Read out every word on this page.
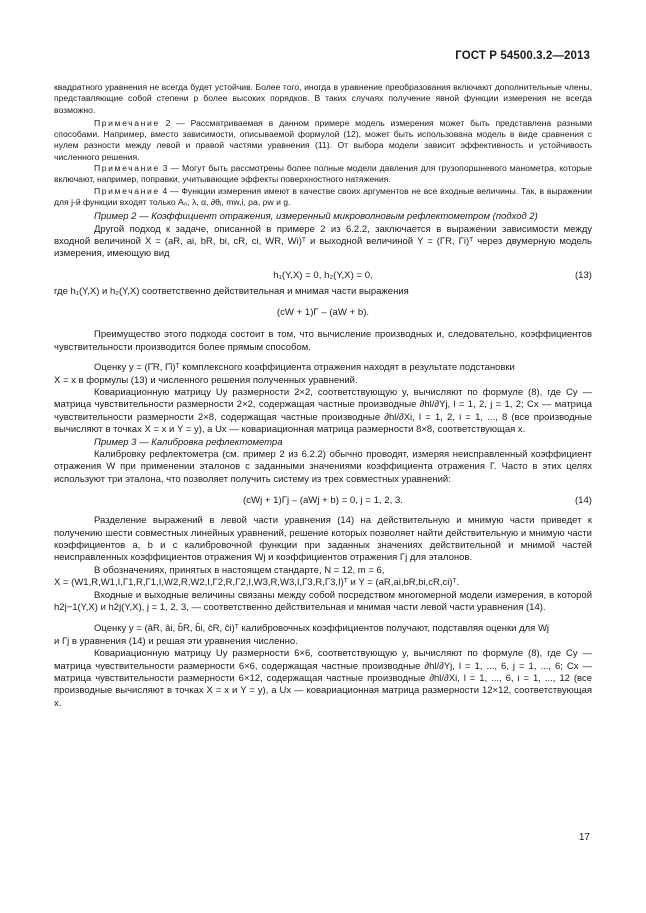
ГОСТ Р 54500.3.2—2013

квадратного уравнения не всегда будет устойчив. Более того, иногда в уравнение преобразования включают дополнительные члены, представляющие собой степени p более высоких порядков. В таких случаях получение явной функции измерения не всегда возможно.

Примечание 2 — Рассматриваемая в данном примере модель измерения может быть представлена разными способами. Например, вместо зависимости, описываемой формулой (12), может быть использована модель в виде сравнения с нулем разности между левой и правой частями уравнения (11). От выбора модели зависит эффективность и устойчивость численного решения.

Примечание 3 — Могут быть рассмотрены более полные модели давления для грузопоршневого манометра, которые включают, например, поправки, учитывающие эффекты поверхностного натяжения.

Примечание 4 — Функции измерения имеют в качестве своих аргументов не все входные величины. Так, в выражении для j-й функции входят только A₀, λ, α, ∂θⱼ, mw,i, ρa, ρw и g.

Пример 2 — Коэффициент отражения, измеренный микроволновым рефлектометром (подход 2)

Другой подход к задаче, описанной в примере 2 из 6.2.2, заключается в выражении зависимости между входной величиной X = (aR, ai, bR, bi, cR, ci, WR, Wi)ᵀ и выходной величиной Y = (ΓR, Γi)ᵀ через двумерную модель измерения, имеющую вид

h₁(Y,X) = 0, h₂(Y,X) = 0,	(13)

где h₁(Y,X) и h₂(Y,X) соответственно действительная и мнимая части выражения

(cW + 1)Γ – (aW + b).

Преимущество этого подхода состоит в том, что вычисление производных и, следовательно, коэффициентов чувствительности производится более прямым способом.

Оценку y = (Γ̂R, Γ̂i)ᵀ комплексного коэффициента отражения находят в результате подстановки
X = x в формулы (13) и численного решения полученных уравнений.

Ковариационную матрицу Uy размерности 2×2, соответствующую y, вычисляют по формуле (8), где Cy — матрица чувствительности размерности 2×2, содержащая частные производные ∂hl/∂Yj, l = 1, 2, j = 1, 2; Cx — матрица чувствительности размерности 2×8, содержащая частные производные ∂hl/∂Xi, l = 1, 2, i = 1, ..., 8 (все производные вычисляют в точках X = x и Y = y), а Ux — ковариационная матрица размерности 8×8, соответствующая x.

Пример 3 — Калибровка рефлектометра

Калибровку рефлектометра (см. пример 2 из 6.2.2) обычно проводят, измеряя неисправленный коэффициент отражения W при применении эталонов с заданными значениями коэффициента отражения Γ. Часто в этих целях используют три эталона, что позволяет получить систему из трех совместных уравнений:

(cWj + 1)Γj – (aWj + b) = 0, j = 1, 2, 3.	(14)

Разделение выражений в левой части уравнения (14) на действительную и мнимую части приведет к получению шести совместных линейных уравнений, решение которых позволяет найти действительную и мнимую части коэффициентов a, b и c калибровочной функции при заданных значениях действительной и мнимой частей неисправленных коэффициентов отражения Wj и коэффициентов отражения Γj для эталонов.

В обозначениях, принятых в настоящем стандарте, N = 12, m = 6,

X = (W1,R,W1,I,Γ1,R,Γ1,I,W2,R,W2,I,Γ2,R,Γ2,I,W3,R,W3,I,Γ3,R,Γ3,I)ᵀ и Y = (aR,ai,bR,bi,cR,ci)ᵀ.

Входные и выходные величины связаны между собой посредством многомерной модели измерения, в которой h2j−1(Y,X) и h2j(Y,X), j = 1, 2, 3, — соответственно действительная и мнимая части левой части уравнения (14).

Оценку y = (âR, âi, b̂R, b̂i, ĉR, ĉi)ᵀ калибровочных коэффициентов получают, подставляя оценки для Wj
и Γj в уравнения (14) и решая эти уравнения численно.

Ковариационную матрицу Uy размерности 6×6, соответствующую y, вычисляют по формуле (8), где Cy — матрица чувствительности размерности 6×6, содержащая частные производные ∂hl/∂Yj, l = 1, ..., 6, j = 1, ..., 6; Cx — матрица чувствительности размерности 6×12, содержащая частные производные ∂hl/∂Xi, l = 1, ..., 6, i = 1, ..., 12 (все производные вычисляют в точках X = x и Y = y), а Ux — ковариационная матрица размерности 12×12, соответствующая x.

17
